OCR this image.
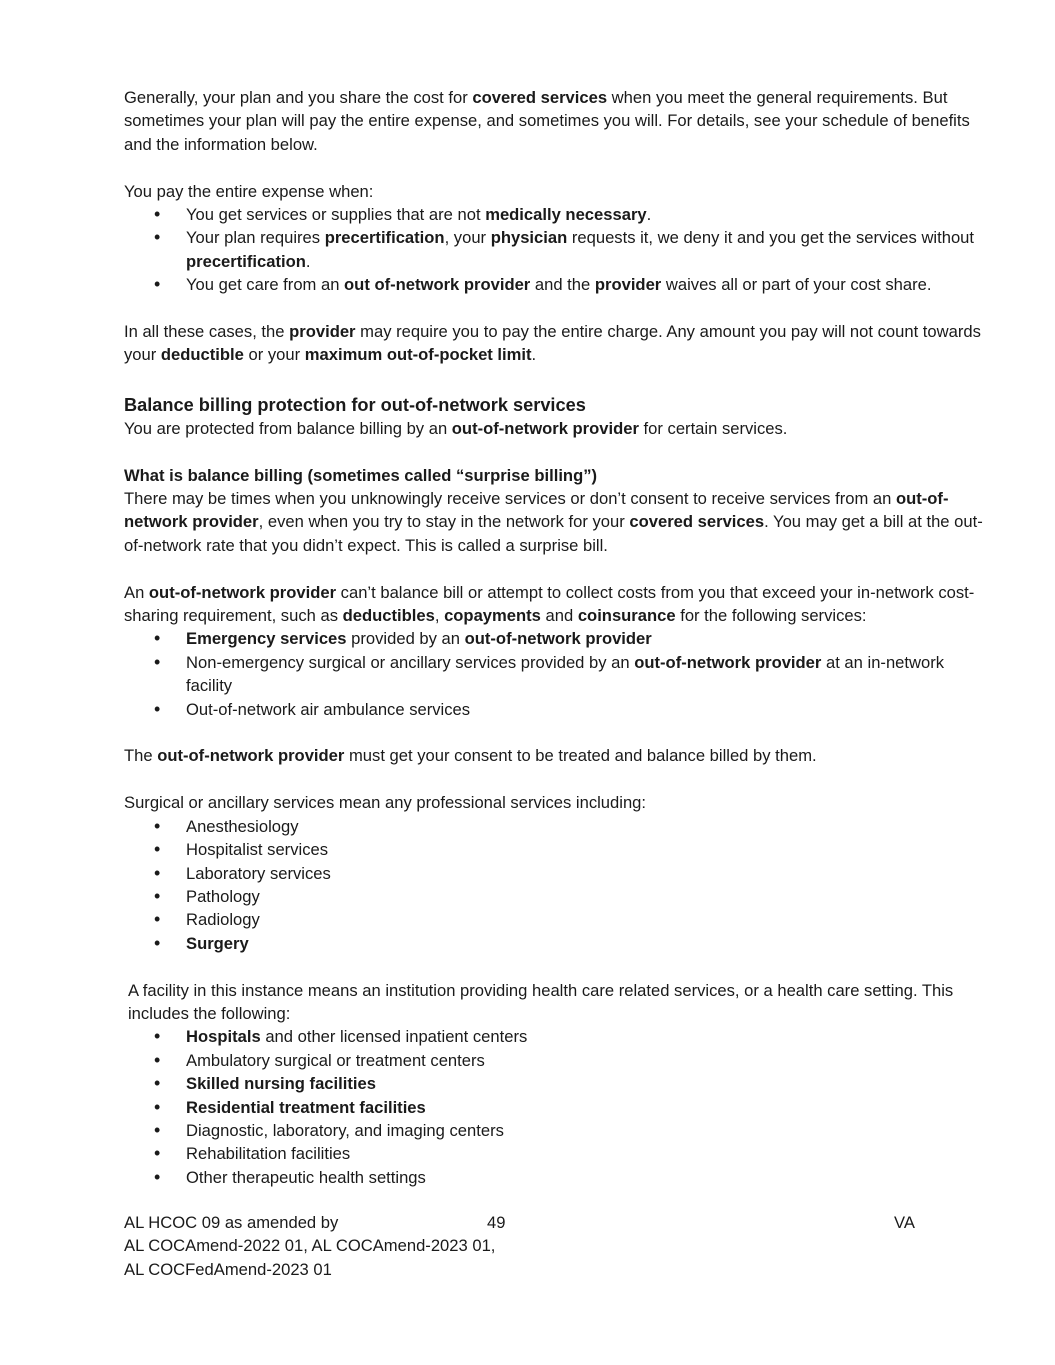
Generally, your plan and you share the cost for covered services when you meet the general requirements. But sometimes your plan will pay the entire expense, and sometimes you will. For details, see your schedule of benefits and the information below.

You pay the entire expense when:

• You get services or supplies that are not medically necessary.
• Your plan requires precertification, your physician requests it, we deny it and you get the services without precertification.
• You get care from an out of-network provider and the provider waives all or part of your cost share.

In all these cases, the provider may require you to pay the entire charge. Any amount you pay will not count towards your deductible or your maximum out-of-pocket limit.

Balance billing protection for out-of-network services

You are protected from balance billing by an out-of-network provider for certain services.

What is balance billing (sometimes called “surprise billing”)

There may be times when you unknowingly receive services or don’t consent to receive services from an out-of-network provider, even when you try to stay in the network for your covered services. You may get a bill at the out-of-network rate that you didn’t expect. This is called a surprise bill.

An out-of-network provider can’t balance bill or attempt to collect costs from you that exceed your in-network cost-sharing requirement, such as deductibles, copayments and coinsurance for the following services:

• Emergency services provided by an out-of-network provider
• Non-emergency surgical or ancillary services provided by an out-of-network provider at an in-network facility
• Out-of-network air ambulance services

The out-of-network provider must get your consent to be treated and balance billed by them.

Surgical or ancillary services mean any professional services including:

• Anesthesiology
• Hospitalist services
• Laboratory services
• Pathology
• Radiology
• Surgery

A facility in this instance means an institution providing health care related services, or a health care setting. This includes the following:

• Hospitals and other licensed inpatient centers
• Ambulatory surgical or treatment centers
• Skilled nursing facilities
• Residential treatment facilities
• Diagnostic, laboratory, and imaging centers
• Rehabilitation facilities
• Other therapeutic health settings
AL HCOC 09 as amended by
AL COCAmend-2022 01, AL COCAmend-2023 01,
AL COCFedAmend-2023 01
49	VA
